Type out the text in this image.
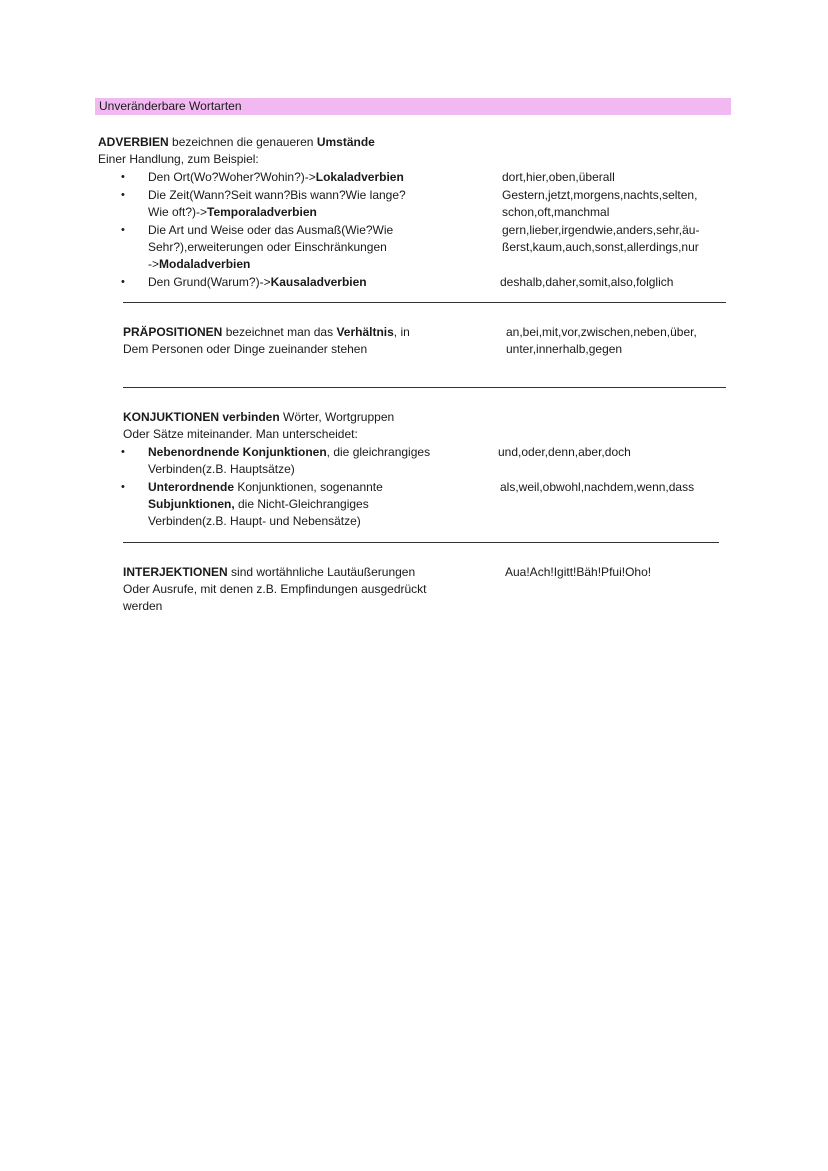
Unveränderbare Wortarten
ADVERBIEN bezeichnen die genaueren Umstände
Einer Handlung, zum Beispiel:
• Den Ort(Wo?Woher?Wohin?)->Lokaladverbien	dort,hier,oben,überall
• Die Zeit(Wann?Seit wann?Bis wann?Wie lange?
Wie oft?)->Temporaladverbien
Gestern,jetzt,morgens,nachts,selten,
schon,oft,manchmal
• Die Art und Weise oder das Ausmaß(Wie?Wie
Sehr?),erweiterungen oder Einschränkungen
->Modaladverbien
gern,lieber,irgendwie,anders,sehr,äu-
ßerst,kaum,auch,sonst,allerdings,nur
• Den Grund(Warum?)->Kausaladverbien	deshalb,daher,somit,also,folglich
PRÄPOSITIONEN bezeichnet man das Verhältnis, in
Dem Personen oder Dinge zueinander stehen
an,bei,mit,vor,zwischen,neben,über,
unter,innerhalb,gegen
KONJUKTIONEN verbinden Wörter, Wortgruppen
Oder Sätze miteinander. Man unterscheidet:
• Nebenordnende Konjunktionen, die gleichrangiges
Verbinden(z.B. Hauptsätze)
und,oder,denn,aber,doch
• Unterordnende Konjunktionen, sogenannte
Subjunktionen, die Nicht-Gleichrangiges
Verbinden(z.B. Haupt- und Nebensätze)
als,weil,obwohl,nachdem,wenn,dass
INTERJEKTIONEN sind wortähnliche Lautäußerungen
Oder Ausrufe, mit denen z.B. Empfindungen ausgedrückt
werden
Aua!Ach!Igitt!Bäh!Pfui!Oho!
